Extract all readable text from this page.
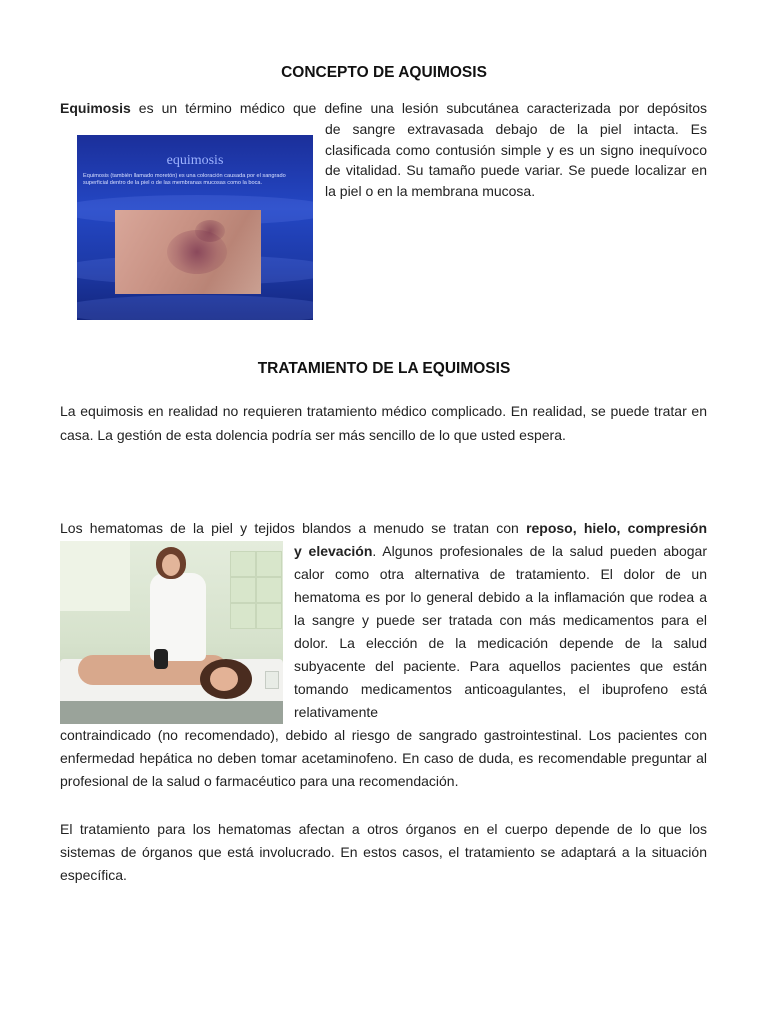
CONCEPTO DE AQUIMOSIS

Equimosis es un término médico que define una lesión subcutánea caracterizada por depósitos

de sangre extravasada debajo de la piel intacta. Es clasificada como contusión simple y es un signo inequívoco de vitalidad. Su tamaño puede variar. Se puede localizar en la piel o en la membrana mucosa.

equimosis
Equimosis (también llamado moretón) es una coloración causada por el sangrado superficial dentro de la piel o de las membranas mucosas como la boca.
TRATAMIENTO DE LA EQUIMOSIS

La equimosis en realidad no requieren tratamiento médico complicado. En realidad, se puede tratar en casa. La gestión de esta dolencia podría ser más sencillo de lo que usted espera.

Los hematomas de la piel y tejidos blandos a menudo se tratan con reposo, hielo, compresión

y elevación. Algunos profesionales de la salud pueden abogar calor como otra alternativa de tratamiento. El dolor de un hematoma es por lo general debido a la inflamación que rodea a la sangre y puede ser tratada con más medicamentos para el dolor. La elección de la medicación depende de la salud subyacente del paciente. Para aquellos pacientes que están tomando medicamentos anticoagulantes, el ibuprofeno está relativamente

contraindicado (no recomendado), debido al riesgo de sangrado gastrointestinal. Los pacientes con enfermedad hepática no deben tomar acetaminofeno. En caso de duda, es recomendable preguntar al profesional de la salud o farmacéutico para una recomendación.

El tratamiento para los hematomas afectan a otros órganos en el cuerpo depende de lo que los sistemas de órganos que está involucrado. En estos casos, el tratamiento se adaptará a la situación específica.
